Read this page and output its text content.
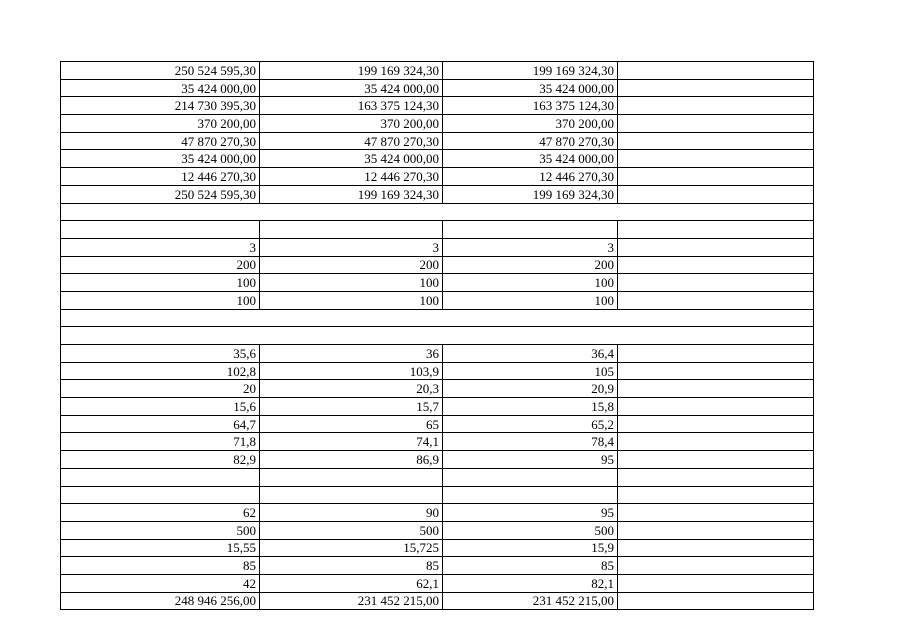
250 524 595,30	199 169 324,30	199 169 324,30	
35 424 000,00	35 424 000,00	35 424 000,00	
214 730 395,30	163 375 124,30	163 375 124,30	
370 200,00	370 200,00	370 200,00	
47 870 270,30	47 870 270,30	47 870 270,30	
35 424 000,00	35 424 000,00	35 424 000,00	
12 446 270,30	12 446 270,30	12 446 270,30	
250 524 595,30	199 169 324,30	199 169 324,30	

3	3	3	
200	200	200	
100	100	100	
100	100	100	

35,6	36	36,4	
102,8	103,9	105	
20	20,3	20,9	
15,6	15,7	15,8	
64,7	65	65,2	
71,8	74,1	78,4	
82,9	86,9	95	

62	90	95	
500	500	500	
15,55	15,725	15,9	
85	85	85	
42	62,1	82,1	
248 946 256,00	231 452 215,00	231 452 215,00	
